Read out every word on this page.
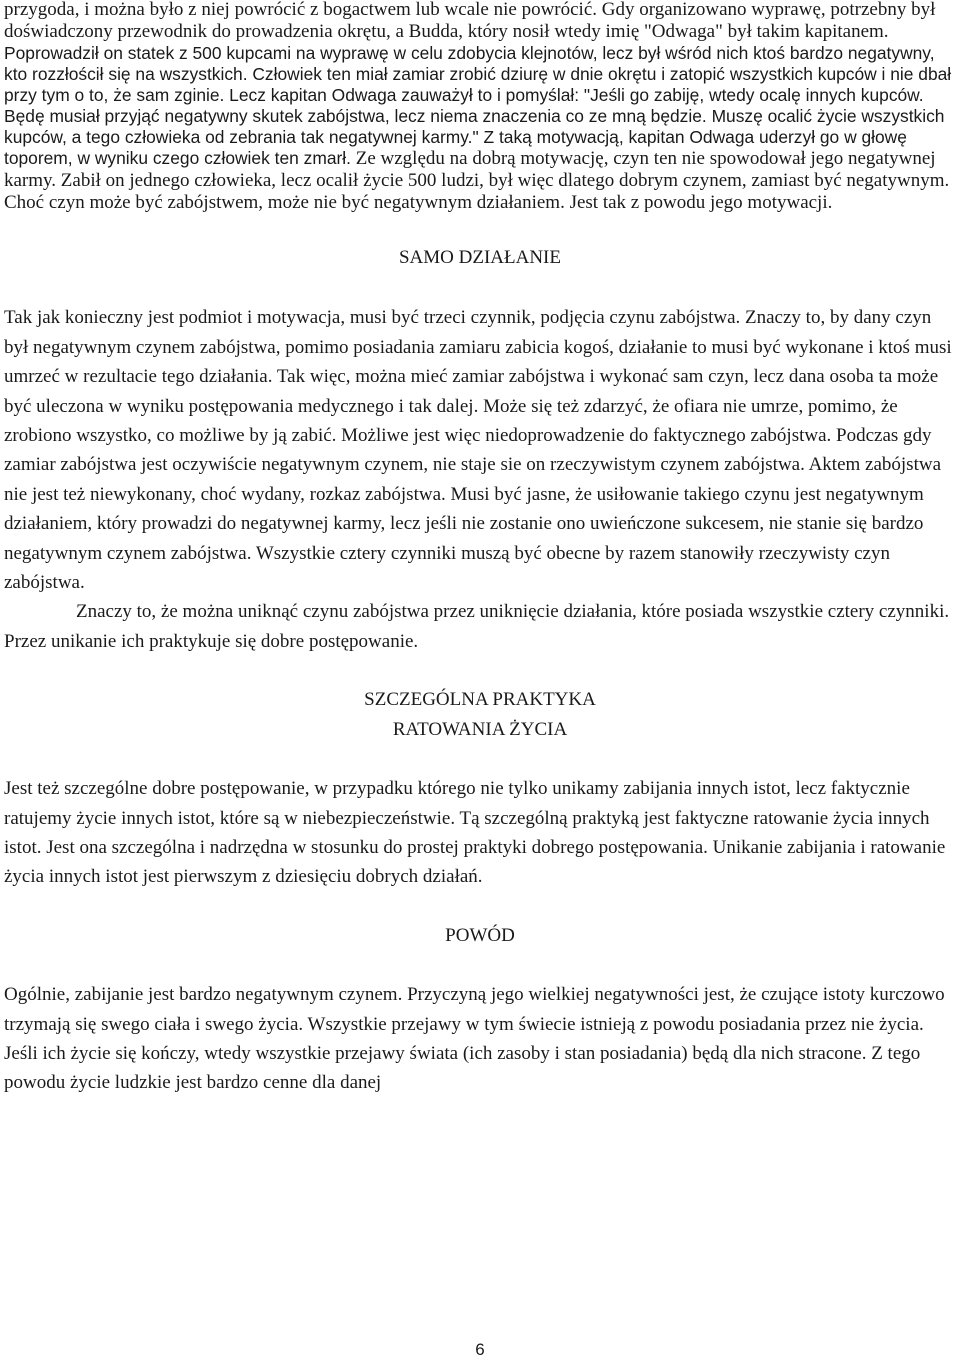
przygoda, i można było z niej powrócić z bogactwem lub wcale nie powrócić. Gdy organizowano wyprawę, potrzebny był doświadczony przewodnik do prowadzenia okrętu, a Budda, który nosił wtedy imię "Odwaga" był takim kapitanem. Poprowadził on statek z 500 kupcami na wyprawę w celu zdobycia klejnotów, lecz był wśród nich ktoś bardzo negatywny, kto rozzłościł się na wszystkich. Człowiek ten miał zamiar zrobić dziurę w dnie okrętu i zatopić wszystkich kupców i nie dbał przy tym o to, że sam zginie. Lecz kapitan Odwaga zauważył to i pomyślał: "Jeśli go zabiję, wtedy ocalę innych kupców. Będę musiał przyjąć negatywny skutek zabójstwa, lecz niema znaczenia co ze mną będzie. Muszę ocalić życie wszystkich kupców, a tego człowieka od zebrania tak negatywnej karmy." Z taką motywacją, kapitan Odwaga uderzył go w głowę toporem, w wyniku czego człowiek ten zmarł. Ze względu na dobrą motywację, czyn ten nie spowodował jego negatywnej karmy. Zabił on jednego człowieka, lecz ocalił życie 500 ludzi, był więc dlatego dobrym czynem, zamiast być negatywnym. Choć czyn może być zabójstwem, może nie być negatywnym działaniem. Jest tak z powodu jego motywacji.

SAMO DZIAŁANIE

Tak jak konieczny jest podmiot i motywacja, musi być trzeci czynnik, podjęcia czynu zabójstwa. Znaczy to, by dany czyn był negatywnym czynem zabójstwa, pomimo posiadania zamiaru zabicia kogoś, działanie to musi być wykonane i ktoś musi umrzeć w rezultacie tego działania. Tak więc, można mieć zamiar zabójstwa i wykonać sam czyn, lecz dana osoba ta może być uleczona w wyniku postępowania medycznego i tak dalej. Może się też zdarzyć, że ofiara nie umrze, pomimo, że zrobiono wszystko, co możliwe by ją zabić. Możliwe jest więc niedoprowadzenie do faktycznego zabójstwa. Podczas gdy zamiar zabójstwa jest oczywiście negatywnym czynem, nie staje sie on rzeczywistym czynem zabójstwa. Aktem zabójstwa nie jest też niewykonany, choć wydany, rozkaz zabójstwa. Musi być jasne, że usiłowanie takiego czynu jest negatywnym działaniem, który prowadzi do negatywnej karmy, lecz jeśli nie zostanie ono uwieńczone sukcesem, nie stanie się bardzo negatywnym czynem zabójstwa. Wszystkie cztery czynniki muszą być obecne by razem stanowiły rzeczywisty czyn zabójstwa.

Znaczy to, że można uniknąć czynu zabójstwa przez uniknięcie działania, które posiada wszystkie cztery czynniki. Przez unikanie ich praktykuje się dobre postępowanie.

SZCZEGÓLNA PRAKTYKA

RATOWANIA ŻYCIA

Jest też szczególne dobre postępowanie, w przypadku którego nie tylko unikamy zabijania innych istot, lecz faktycznie ratujemy życie innych istot, które są w niebezpieczeństwie. Tą szczególną praktyką jest faktyczne ratowanie życia innych istot. Jest ona szczególna i nadrzędna w stosunku do prostej praktyki dobrego postępowania. Unikanie zabijania i ratowanie życia innych istot jest pierwszym z dziesięciu dobrych działań.

POWÓD

Ogólnie, zabijanie jest bardzo negatywnym czynem. Przyczyną jego wielkiej negatywności jest, że czujące istoty kurczowo trzymają się swego ciała i swego życia. Wszystkie przejawy w tym świecie istnieją z powodu posiadania przez nie życia. Jeśli ich życie się kończy, wtedy wszystkie przejawy świata (ich zasoby i stan posiadania) będą dla nich stracone. Z tego powodu życie ludzkie jest bardzo cenne dla danej

6
